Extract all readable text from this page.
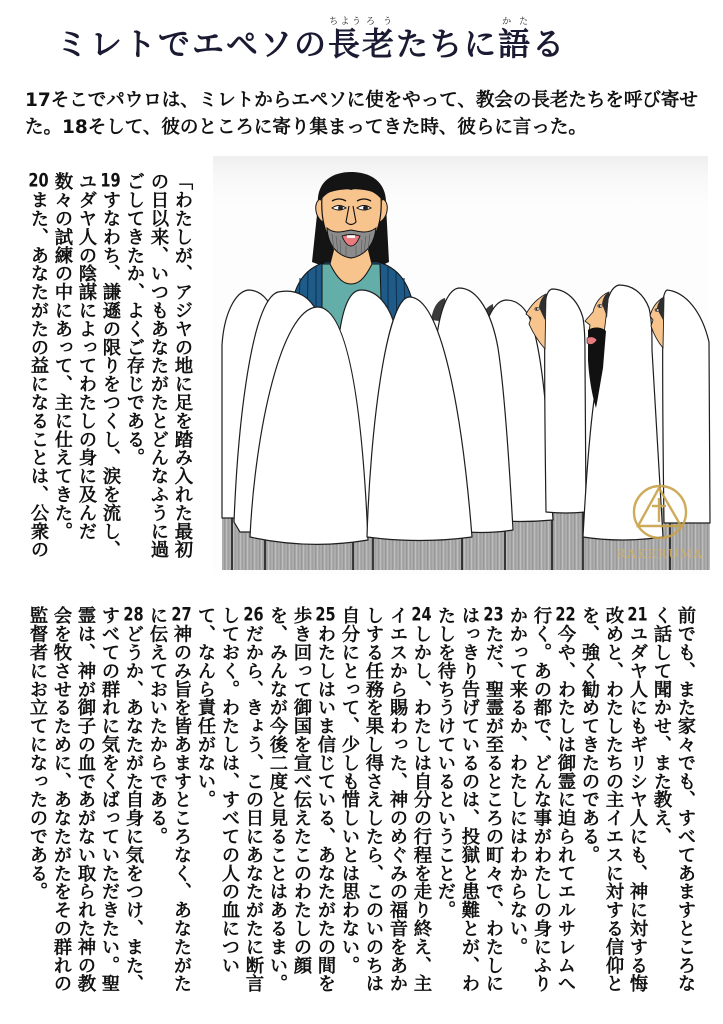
ミレトでエペソの長ちよう老ろうたちに語かたる
17そこでパウロは、ミレトからエペソに使をやって、教会の長老たちを呼び寄せ
た。18そして、彼のところに寄り集まってきた時、彼らに言った。
「わたしが、アジヤの地に足を踏み入れた最初
の日以来、いつもあなたがたとどんなふうに過
ごしてきたか、よくご存じである。
19すなわち、謙遜の限りをつくし、涙を流し、
ユダヤ人の陰謀によってわたしの身に及んだ
数々の試練の中にあって、主に仕えてきた。
20また、あなたがたの益になることは、公衆の	RAKERUMA
前でも、また家々でも、すべてあますところな
く話して聞かせ、また教え、
21ユダヤ人にもギリシヤ人にも、神に対する悔
改めと、わたしたちの主イエスに対する信仰と
を、強く勧めてきたのである。
22今や、わたしは御霊に迫られてエルサレムへ
行く。あの都で、どんな事がわたしの身にふり
かかって来るか、わたしにはわからない。
23ただ、聖霊が至るところの町々で、わたしに
はっきり告げているのは、投獄と患難とが、わ
たしを待ちうけているということだ。
24しかし、わたしは自分の行程を走り終え、主
イエスから賜わった、神のめぐみの福音をあか
しする任務を果し得さえしたら、このいのちは
自分にとって、少しも惜しいとは思わない。
25わたしはいま信じている、あなたがたの間を
歩き回って御国を宣べ伝えたこのわたしの顔
を、みんなが今後二度と見ることはあるまい。
26だから、きょう、この日にあなたがたに断言
しておく。わたしは、すべての人の血につい
て、なんら責任がない。
27神のみ旨を皆あますところなく、あなたがた
に伝えておいたからである。
28どうか、あなたがた自身に気をつけ、また、
すべての群れに気をくばっていただきたい。聖
霊は、神が御子の血であがない取られた神の教
会を牧させるために、あなたがたをその群れの
監督者にお立てになったのである。
